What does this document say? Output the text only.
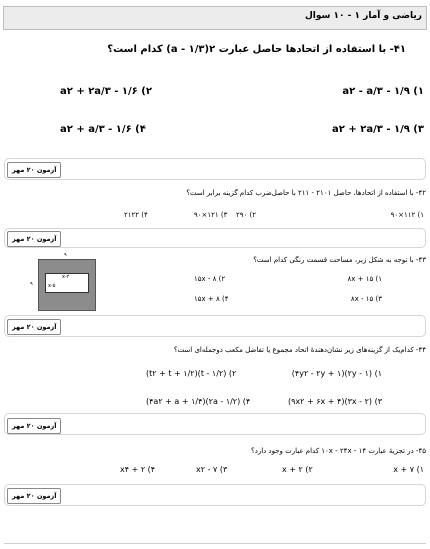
ریاضی و آمار ۱ - ۱۰ سوال
۴۱- با استفاده از اتحادها حاصل عبارت ۲(a - ۱/۳) کدام است؟
۱) a۲ - a/۳ - ۱/۹
۲) a۲ + ۲a/۳ - ۱/۶
۳) a۲ + ۲a/۳ - ۱/۹
۴) a۲ + a/۳ - ۱/۶
آزمون ۲۰ مهر
۴۲- با استفاده از اتحادها، حاصل ۲۱۰۱ - ۲۱۱ با حاصل‌ضرب کدام گزینه برابر است؟
۱) ۱۱۲×۹۰
۲) ۲۹۰
۳) ۱۲۱×۹۰
۴) ۲۱۲۲
آزمون ۲۰ مهر
۴۳- با توجه به شکل زیر، مساحت قسمت رنگی کدام است؟
۹
۹
x-۲
x-۵
۱) ۱۵ + ۸x
۲) ۸ - ۱۵x
۳) ۱۵ - ۸x
۴) ۸ + ۱۵x
آزمون ۲۰ مهر
۴۴- کدام‌یک از گزینه‌های زیر نشان‌دهندهٔ اتحاد مجموع یا تفاضل مکعب دوجمله‌ای است؟
۱) (۲y - ۱)(۴y۲ - ۲y + ۱)
۲) (t - ۱/۲)(t۲ + t + ۱/۲)
۳) (۳x - ۲)(۹x۲ + ۶x + ۴)
۴) (۲a - ۱/۲)(۴a۲ + a + ۱/۴)
آزمون ۲۰ مهر
۴۵- در تجزیهٔ عبارت ۱۴ - ۱۰x - ۲۴x کدام عبارت وجود دارد؟
۱) ۷ + x
۲) ۲ + x
۳) ۷ - x۲
۴) ۲ + x۴
آزمون ۲۰ مهر
